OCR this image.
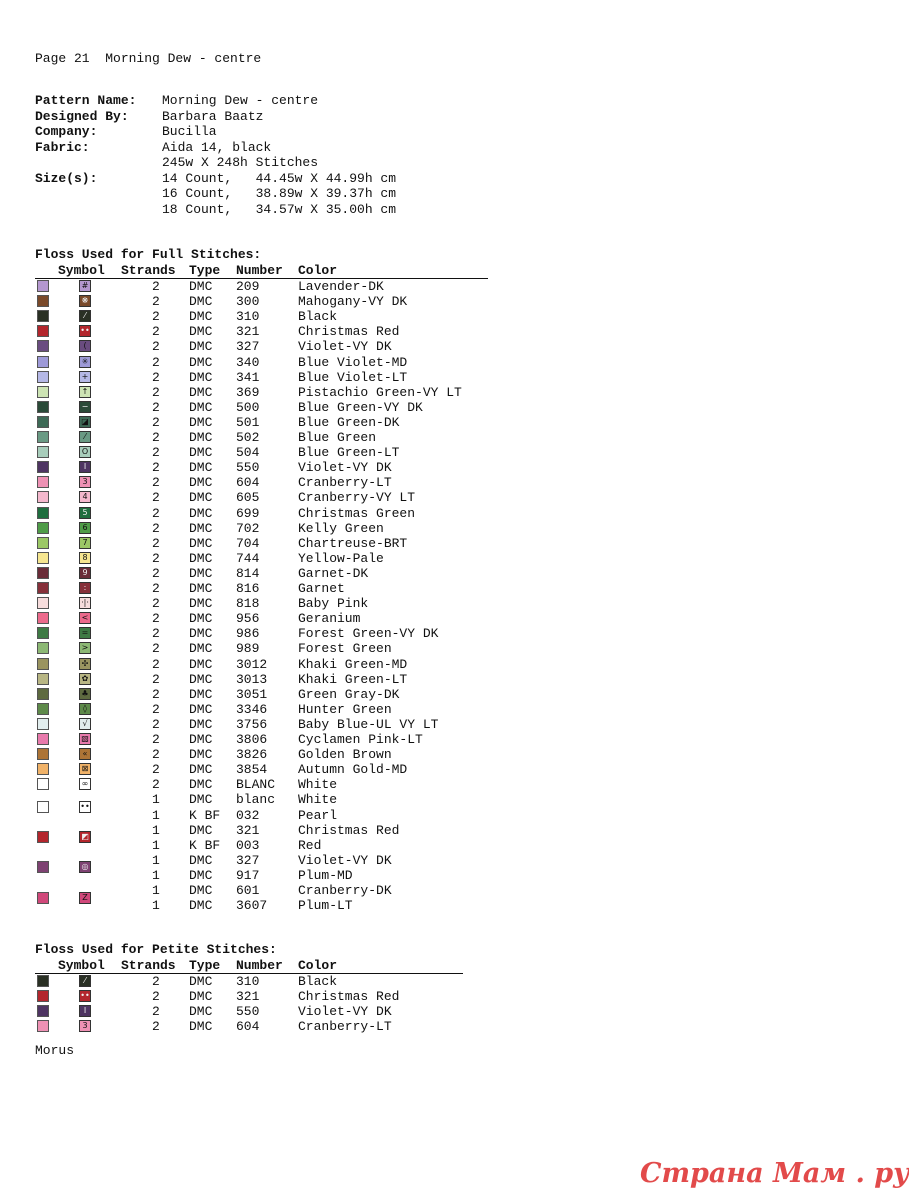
Page 21  Morning Dew - centre
Pattern Name: Morning Dew - centre
Designed By:	Barbara Baatz
Company:	Bucilla
Fabric:	Aida 14, black
245w X 248h Stitches
Size(s):	14 Count,   44.45w X 44.99h cm
16 Count,   38.89w X 39.37h cm
18 Count,   34.57w X 35.00h cm
Floss Used for Full Stitches:
Symbol Strands Type Number Color
#	2 DMC 209	Lavender-DK
❋	2 DMC 300	Mahogany-VY DK
⁄	2 DMC 310	Black
••	2 DMC 321	Christmas Red
(	2 DMC 327	Violet-VY DK
✳	2 DMC 340	Blue Violet-MD
+	2 DMC 341	Blue Violet-LT
↑	2 DMC 369	Pistachio Green-VY LT
−	2 DMC 500	Blue Green-VY DK
◪	2 DMC 501	Blue Green-DK
⁄	2 DMC 502	Blue Green
O	2 DMC 504	Blue Green-LT
I	2 DMC 550	Violet-VY DK
3	2 DMC 604	Cranberry-LT
4	2 DMC 605	Cranberry-VY LT
5	2 DMC 699	Christmas Green
6	2 DMC 702	Kelly Green
7	2 DMC 704	Chartreuse-BRT
8	2 DMC 744	Yellow-Pale
9	2 DMC 814	Garnet-DK
:	2 DMC 816	Garnet
·|·	2 DMC 818	Baby Pink
<	2 DMC 956	Geranium
=	2 DMC 986	Forest Green-VY DK
>	2 DMC 989	Forest Green
✣	2 DMC 3012 Khaki Green-MD
✿	2 DMC 3013 Khaki Green-LT
♣	2 DMC 3051 Green Gray-DK
◊	2 DMC 3346 Hunter Green
√	2 DMC 3756 Baby Blue-UL VY LT
▧	2 DMC 3806 Cyclamen Pink-LT
«	2 DMC 3826 Golden Brown
⊠	2 DMC 3854 Autumn Gold-MD
∞	2 DMC BLANC White
••	1 DMC blanc White
1 K BF 032	Pearl
◩	1 DMC 321	Christmas Red
1 K BF 003	Red
◎	1 DMC 327	Violet-VY DK
1 DMC 917	Plum-MD
Z	1 DMC 601	Cranberry-DK
1 DMC 3607 Plum-LT
Floss Used for Petite Stitches:
Symbol Strands Type Number Color
⁄	2 DMC 310	Black
••	2 DMC 321	Christmas Red
I	2 DMC 550	Violet-VY DK
3	2 DMC 604	Cranberry-LT
Morus
Страна Мам . ру
